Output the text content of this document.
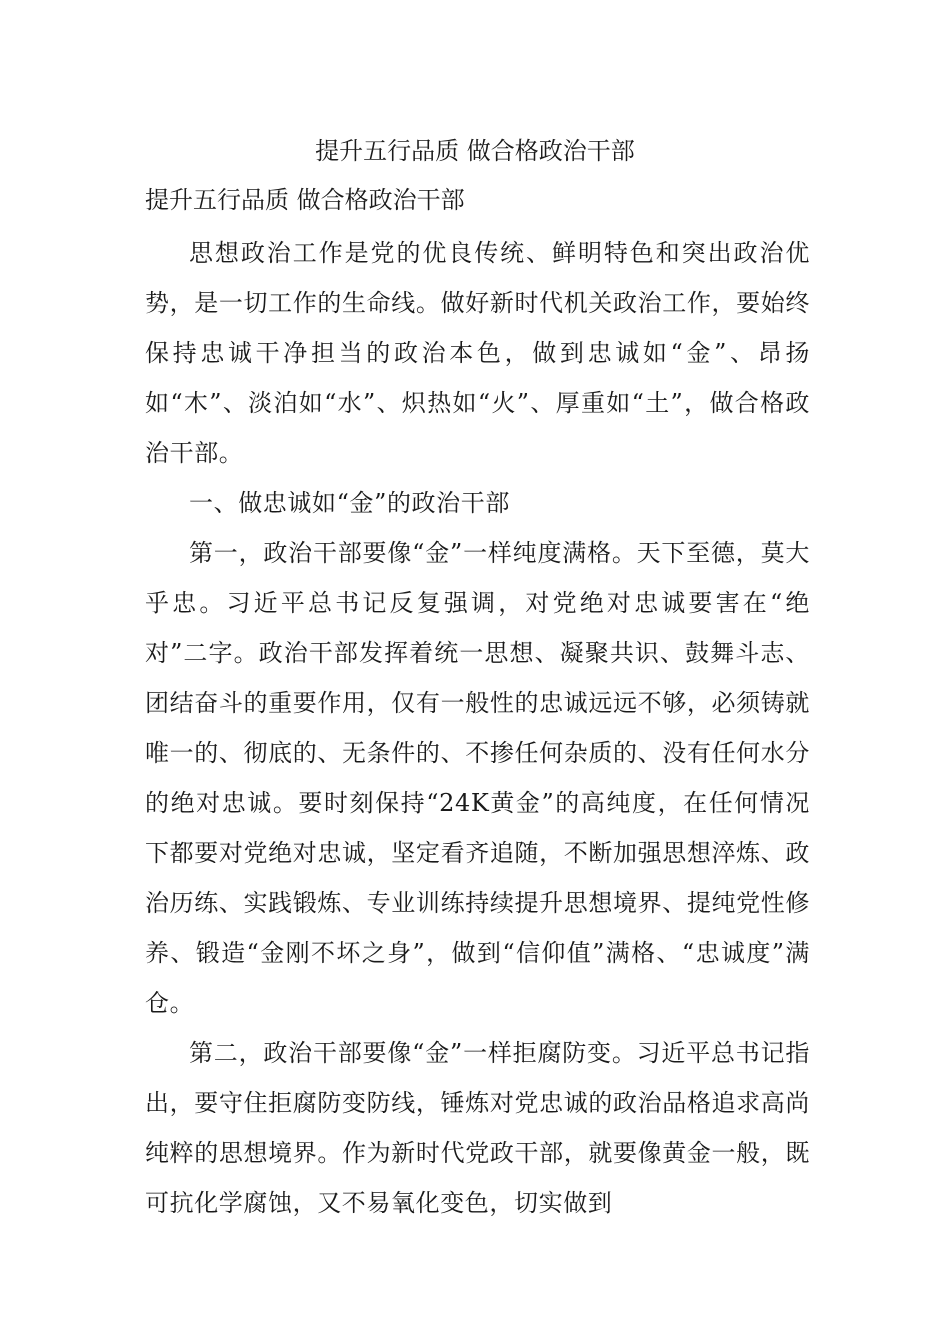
提升五行品质 做合格政治干部
提升五行品质 做合格政治干部

思想政治工作是党的优良传统、鲜明特色和突出政治优势，是一切工作的生命线。做好新时代机关政治工作，要始终保持忠诚干净担当的政治本色，做到忠诚如“金”、昂扬如“木”、淡泊如“水”、炽热如“火”、厚重如“土”，做合格政治干部。

一、做忠诚如“金”的政治干部

第一，政治干部要像“金”一样纯度满格。天下至德，莫大乎忠。习近平总书记反复强调，对党绝对忠诚要害在“绝对”二字。政治干部发挥着统一思想、凝聚共识、鼓舞斗志、团结奋斗的重要作用，仅有一般性的忠诚远远不够，必须铸就唯一的、彻底的、无条件的、不掺任何杂质的、没有任何水分的绝对忠诚。要时刻保持“24K黄金”的高纯度，在任何情况下都要对党绝对忠诚，坚定看齐追随，不断加强思想淬炼、政治历练、实践锻炼、专业训练持续提升思想境界、提纯党性修养、锻造“金刚不坏之身”，做到“信仰值”满格、“忠诚度”满仓。

第二，政治干部要像“金”一样拒腐防变。习近平总书记指出，要守住拒腐防变防线，锤炼对党忠诚的政治品格追求高尚纯粹的思想境界。作为新时代党政干部，就要像黄金一般，既可抗化学腐蚀，又不易氧化变色，切实做到
